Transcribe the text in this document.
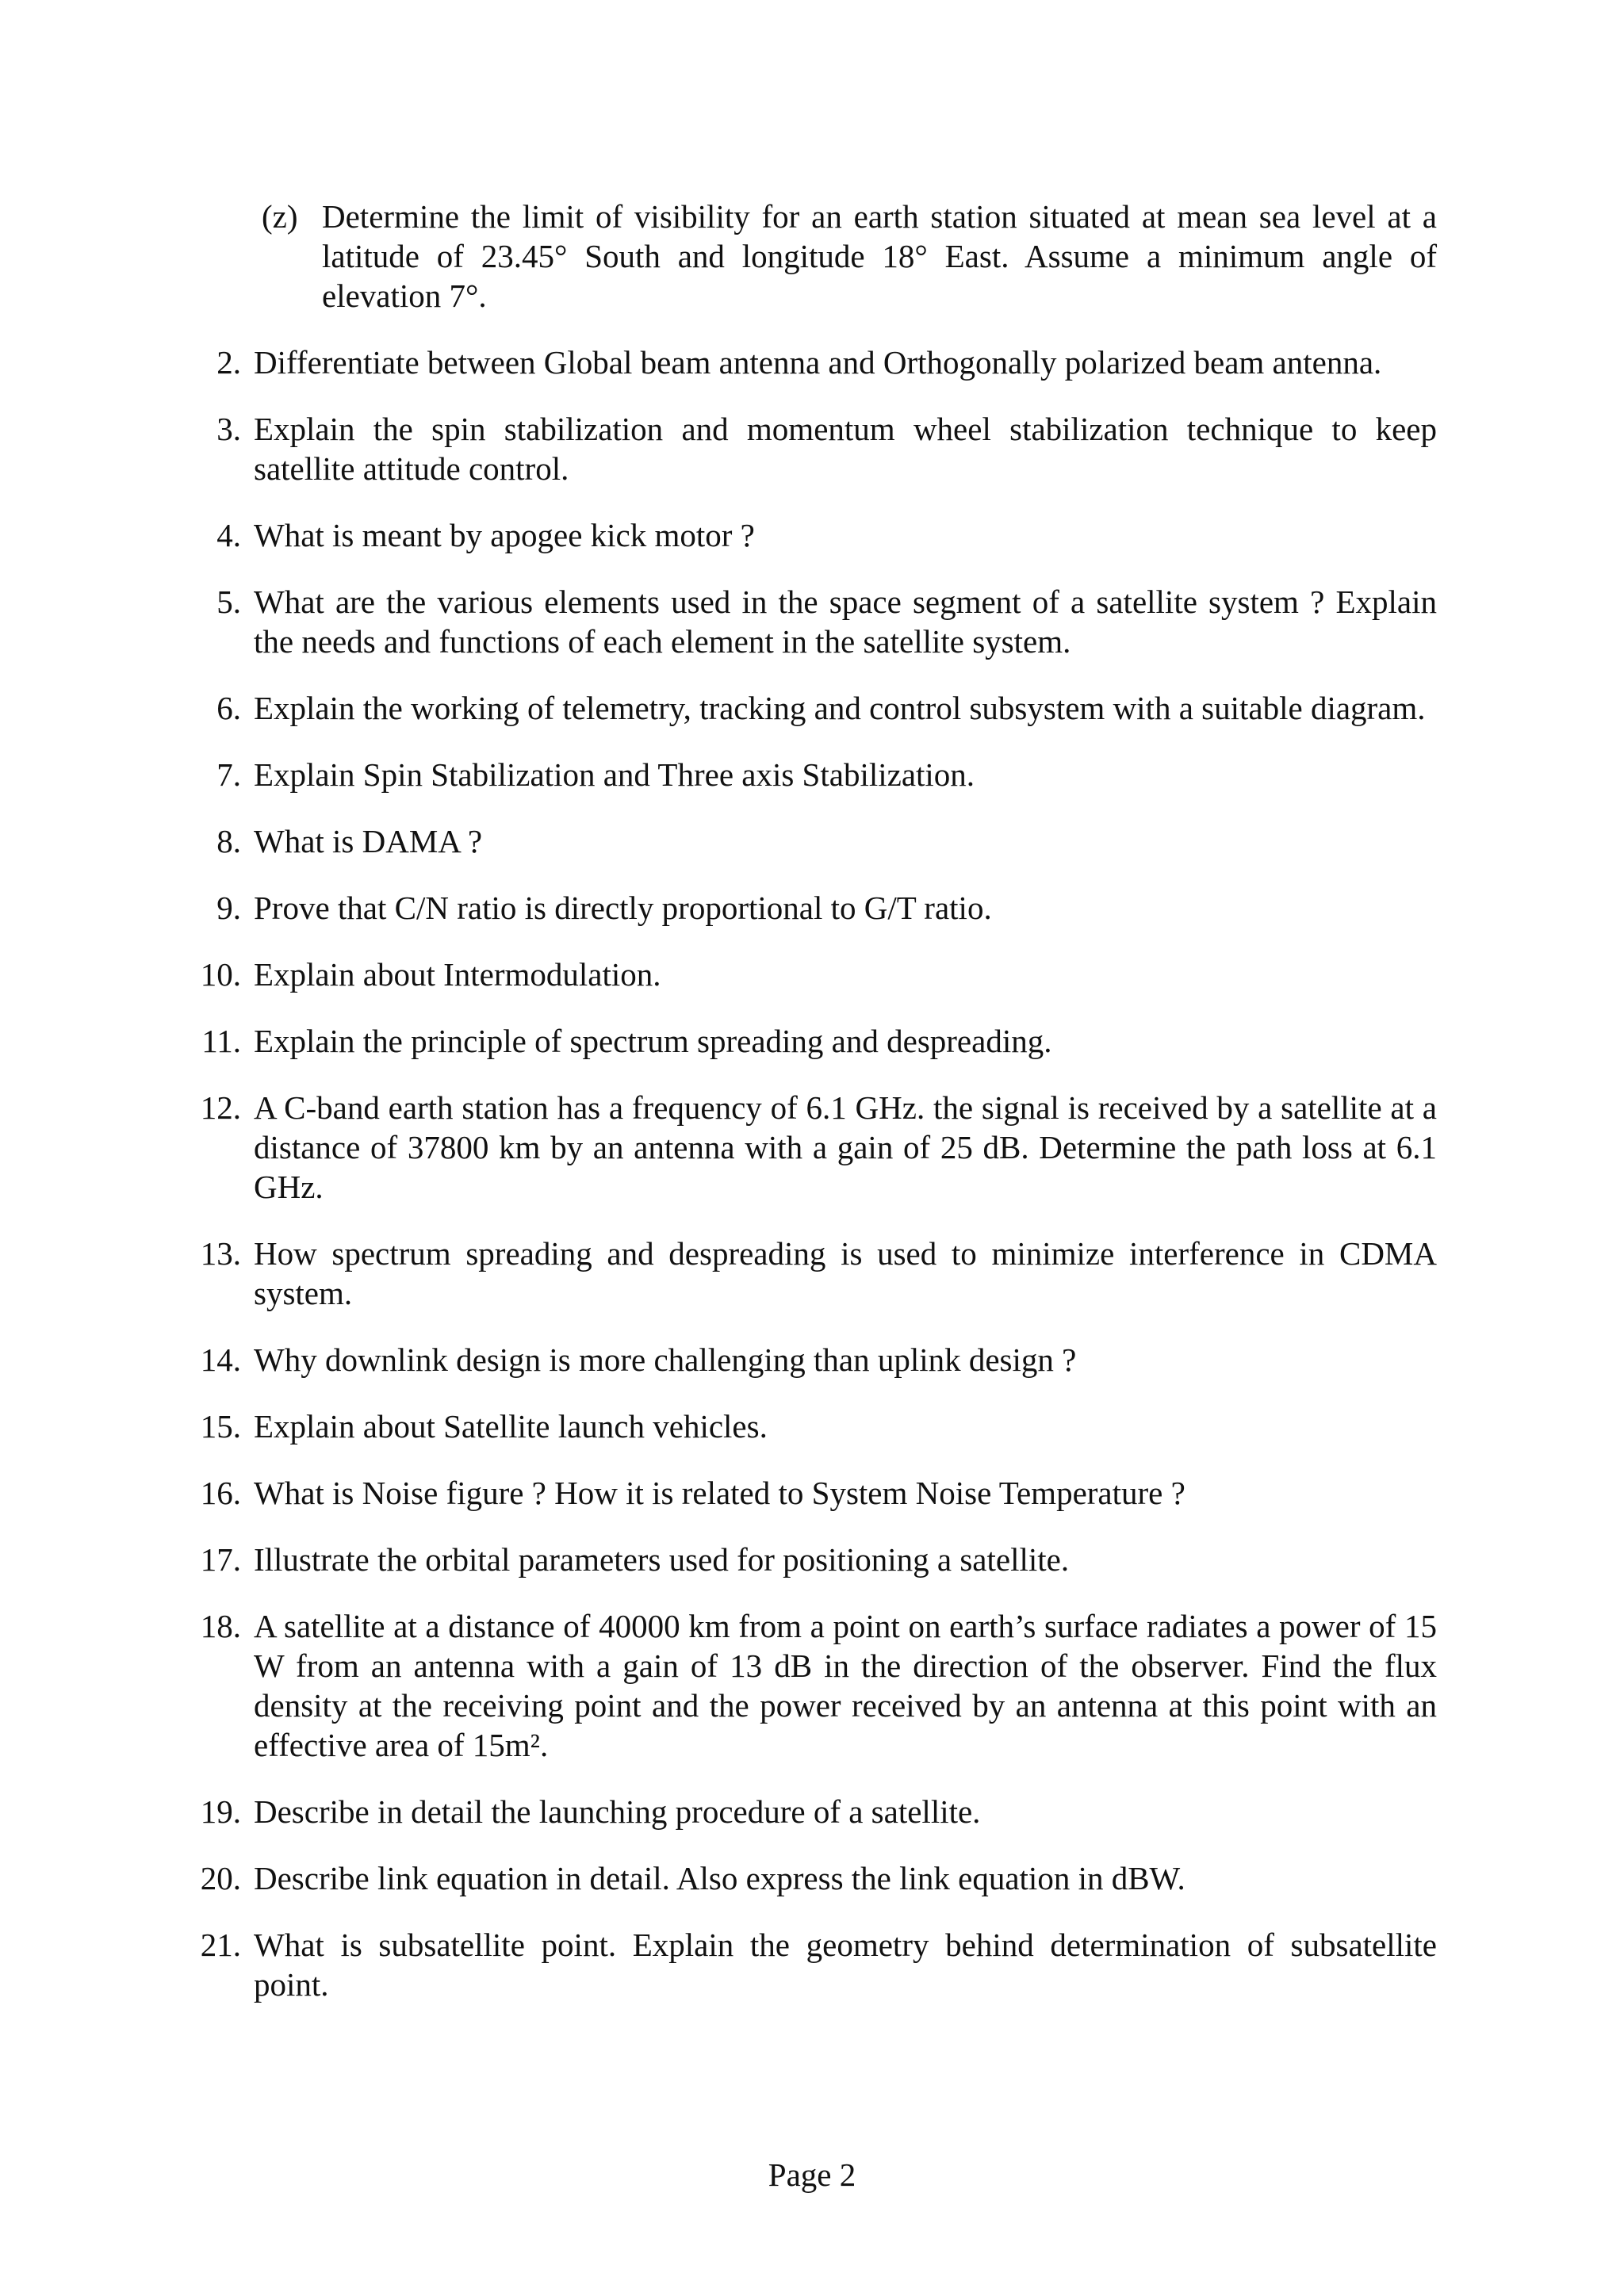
(z) Determine the limit of visibility for an earth station situated at mean sea level at a latitude of 23.45° South and longitude 18° East. Assume a minimum angle of elevation 7°.
2. Differentiate between Global beam antenna and Orthogonally polarized beam antenna.
3. Explain the spin stabilization and momentum wheel stabilization technique to keep satellite attitude control.
4. What is meant by apogee kick motor ?
5. What are the various elements used in the space segment of a satellite system ? Explain the needs and functions of each element in the satellite system.
6. Explain the working of telemetry, tracking and control subsystem with a suitable diagram.
7. Explain Spin Stabilization and Three axis Stabilization.
8. What is DAMA ?
9. Prove that C/N ratio is directly proportional to G/T ratio.
10. Explain about Intermodulation.
11. Explain the principle of spectrum spreading and despreading.
12. A C-band earth station has a frequency of 6.1 GHz. the signal is received by a satellite at a distance of 37800 km by an antenna with a gain of 25 dB. Determine the path loss at 6.1 GHz.
13. How spectrum spreading and despreading is used to minimize interference in CDMA system.
14. Why downlink design is more challenging than uplink design ?
15. Explain about Satellite launch vehicles.
16. What is Noise figure ? How it is related to System Noise Temperature ?
17. Illustrate the orbital parameters used for positioning a satellite.
18. A satellite at a distance of 40000 km from a point on earth’s surface radiates a power of 15 W from an antenna with a gain of 13 dB in the direction of the observer. Find the flux density at the receiving point and the power received by an antenna at this point with an effective area of 15m².
19. Describe in detail the launching procedure of a satellite.
20. Describe link equation in detail. Also express the link equation in dBW.
21. What is subsatellite point. Explain the geometry behind determination of subsatellite point.
Page 2
